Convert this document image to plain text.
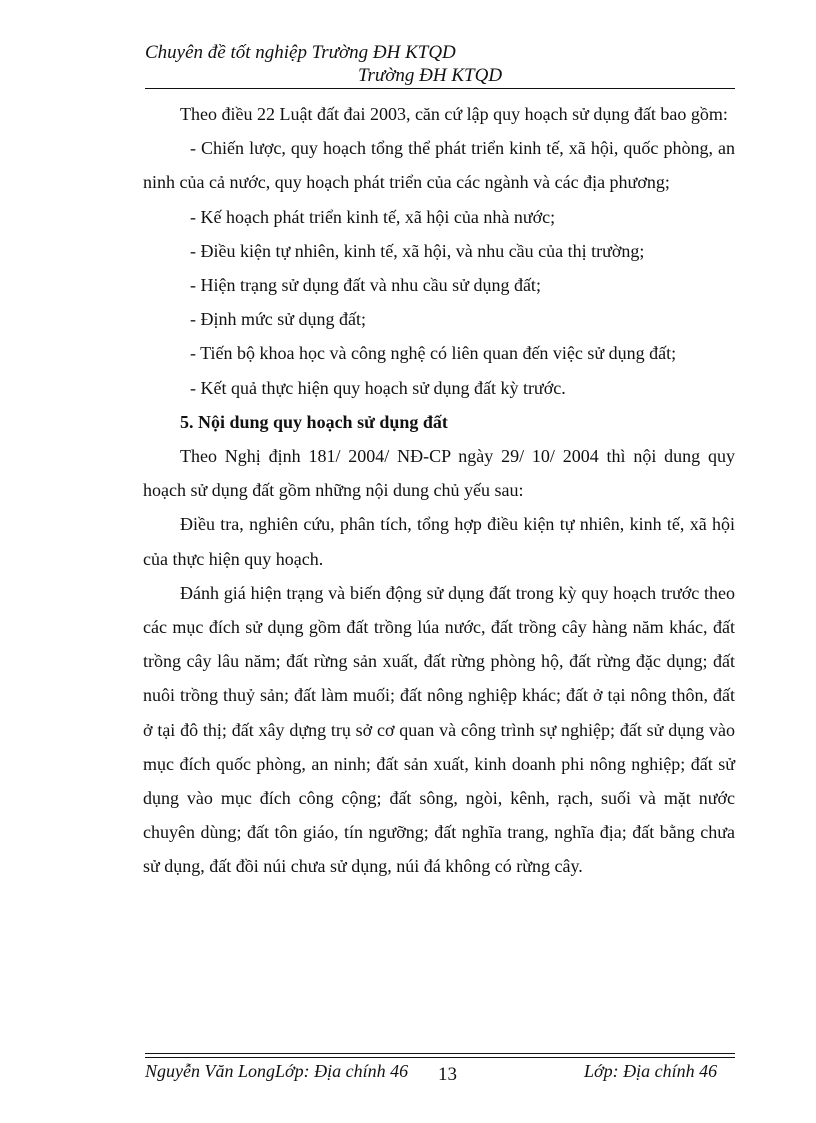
Chuyên đề tốt nghiệp Trường ĐH KTQD
Trường ĐH KTQD

Theo điều 22 Luật đất đai 2003, căn cứ lập quy hoạch sử dụng đất bao gồm:

- Chiến lược, quy hoạch tổng thể phát triển kinh tế, xã hội, quốc phòng, an ninh của cả nước, quy hoạch phát triển của các ngành và các địa phương;

- Kế hoạch phát triển kinh tế, xã hội của nhà nước;

- Điều kiện tự nhiên, kinh tế, xã hội, và nhu cầu của thị trường;

- Hiện trạng sử dụng đất và nhu cầu sử dụng đất;

- Định mức sử dụng đất;

- Tiến bộ khoa học và công nghệ có liên quan đến việc sử dụng đất;

- Kết quả thực hiện quy hoạch sử dụng đất kỳ trước.

5. Nội dung quy hoạch sử dụng đất

Theo Nghị định 181/ 2004/ NĐ-CP ngày 29/ 10/ 2004 thì nội dung quy hoạch sử dụng đất gồm những nội dung chủ yếu sau:

Điều tra, nghiên cứu, phân tích, tổng hợp điều kiện tự nhiên, kinh tế, xã hội của thực hiện quy hoạch.

Đánh giá hiện trạng và biến động sử dụng đất trong kỳ quy hoạch trước theo các mục đích sử dụng gồm đất trồng lúa nước, đất trồng cây hàng năm khác, đất trồng cây lâu năm; đất rừng sản xuất, đất rừng phòng hộ, đất rừng đặc dụng; đất nuôi trồng thuỷ sản; đất làm muối; đất nông nghiệp khác; đất ở tại nông thôn, đất ở tại đô thị; đất xây dựng trụ sở cơ quan và công trình sự nghiệp; đất sử dụng vào mục đích quốc phòng, an ninh; đất sản xuất, kinh doanh phi nông nghiệp; đất sử dụng vào mục đích công cộng; đất sông, ngòi, kênh, rạch, suối và mặt nước chuyên dùng; đất tôn giáo, tín ngưỡng; đất nghĩa trang, nghĩa địa; đất bằng chưa sử dụng, đất đồi núi chưa sử dụng, núi đá không có rừng cây.

Nguyễn Văn LongLớp: Địa chính 46 13	Lớp: Địa chính 46
